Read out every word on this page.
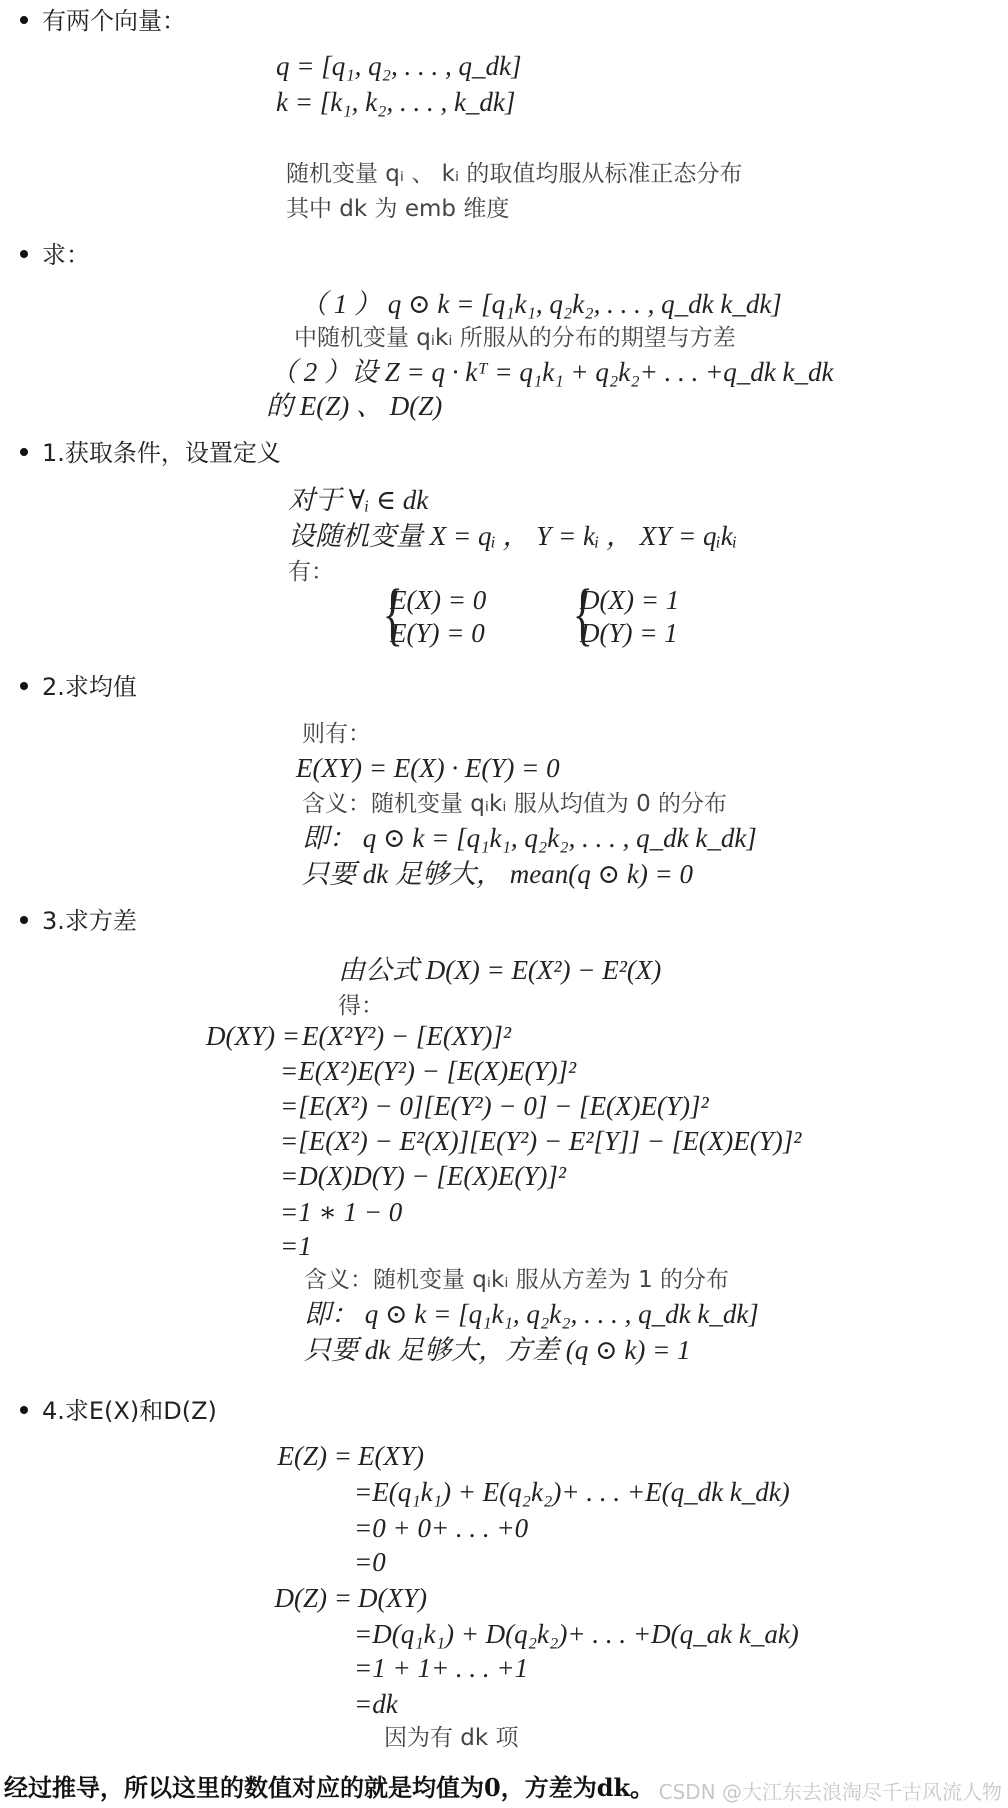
有两个向量：
q = [q₁, q₂, . . . , q_dk]
k = [k₁, k₂, . . . , k_dk]
随机变量 qᵢ 、 kᵢ 的取值均服从标准正态分布
其中 dk 为 emb 维度
求：
（ 1 ） q ⊙ k = [q₁k₁, q₂k₂, . . . , q_dk k_dk]
中随机变量 qᵢkᵢ 所服从的分布的期望与方差
（ 2 ）设 Z = q · kᵀ = q₁k₁ + q₂k₂+ . . . +q_dk k_dk
的 E(Z) 、 D(Z)
1.获取条件，设置定义
对于 ∀ᵢ ∈ dk
设随机变量 X = qᵢ ， Y = kᵢ ， XY = qᵢkᵢ
有：
{
E(X) = 0
E(Y) = 0	{
D(X) = 1
D(Y) = 1
2.求均值
则有：
E(XY) = E(X) · E(Y) = 0
含义：随机变量 qᵢkᵢ 服从均值为 0 的分布
即： q ⊙ k = [q₁k₁, q₂k₂, . . . , q_dk k_dk]
只要 dk 足够大， mean(q ⊙ k) = 0
3.求方差
由公式 D(X) = E(X²) − E²(X)
得：
D(XY) = E(X²Y²) − [E(XY)]²
=E(X²)E(Y²) − [E(X)E(Y)]²
=[E(X²) − 0][E(Y²) − 0] − [E(X)E(Y)]²
=[E(X²) − E²(X)][E(Y²) − E²[Y]] − [E(X)E(Y)]²
=D(X)D(Y) − [E(X)E(Y)]²
=1 ∗ 1 − 0
=1
含义：随机变量 qᵢkᵢ 服从方差为 1 的分布
即： q ⊙ k = [q₁k₁, q₂k₂, . . . , q_dk k_dk]
只要 dk 足够大，方差 (q ⊙ k) = 1
4.求E(X)和D(Z)
E(Z) = E(XY)
=E(q₁k₁) + E(q₂k₂)+ . . . +E(q_dk k_dk)
=0 + 0+ . . . +0
=0
D(Z) = D(XY)
=D(q₁k₁) + D(q₂k₂)+ . . . +D(q_ak k_ak)
=1 + 1+ . . . +1
=dk
因为有 dk 项
经过推导，所以这里的数值对应的就是均值为0，方差为dk。 CSDN @大江东去浪淘尽千古风流人物
